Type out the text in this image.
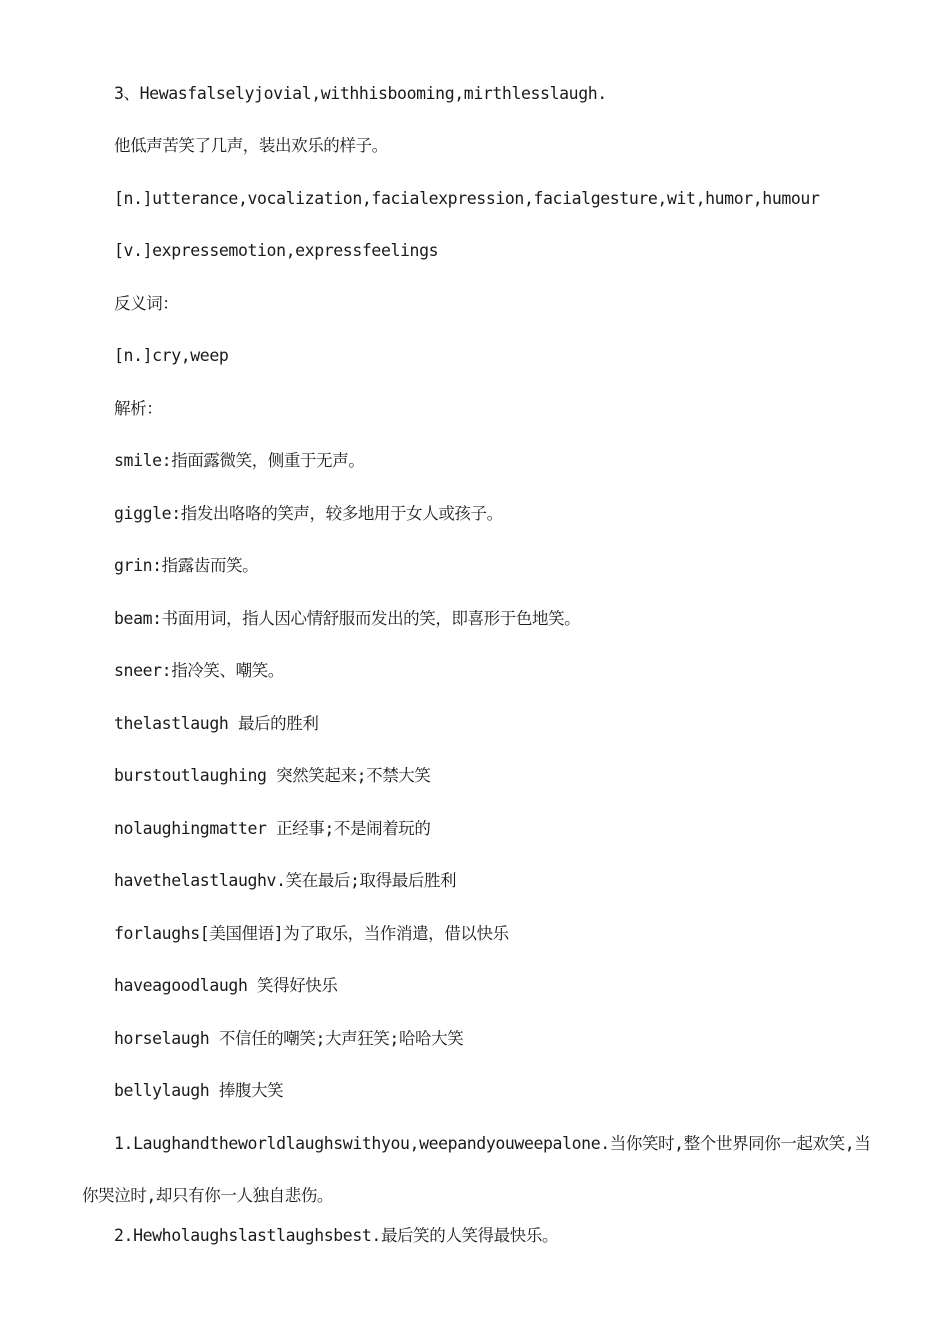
3、Hewasfalselyjovial,withhisbooming,mirthlesslaugh.
他低声苦笑了几声，装出欢乐的样子。
[n.]utterance,vocalization,facialexpression,facialgesture,wit,humor,humour
[v.]expressemotion,expressfeelings
反义词：
[n.]cry,weep
解析：
smile:指面露微笑，侧重于无声。
giggle:指发出咯咯的笑声，较多地用于女人或孩子。
grin:指露齿而笑。
beam:书面用词，指人因心情舒服而发出的笑，即喜形于色地笑。
sneer:指冷笑、嘲笑。
thelastlaugh 最后的胜利
burstoutlaughing 突然笑起来;不禁大笑
nolaughingmatter 正经事;不是闹着玩的
havethelastlaughv.笑在最后;取得最后胜利
forlaughs[美国俚语]为了取乐，当作消遣，借以快乐
haveagoodlaugh 笑得好快乐
horselaugh 不信任的嘲笑;大声狂笑;哈哈大笑
bellylaugh 捧腹大笑
1.Laughandtheworldlaughswithyou,weepandyouweepalone.当你笑时,整个世界同你一起欢笑,当你哭泣时,却只有你一人独自悲伤。
2.Hewholaughslastlaughsbest.最后笑的人笑得最快乐。
